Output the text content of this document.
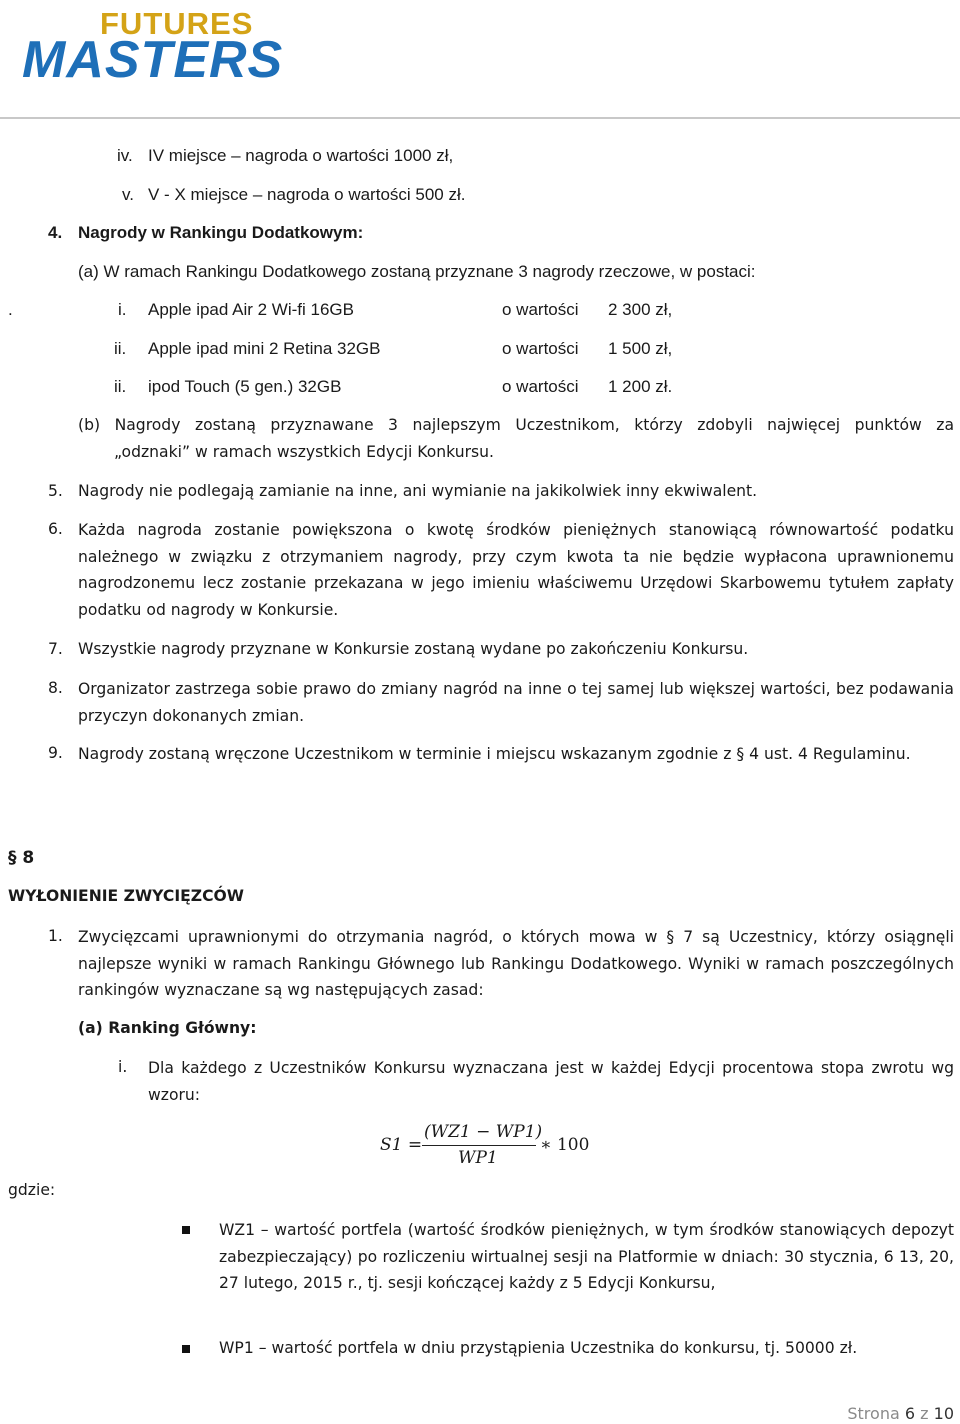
FUTURES
MASTERS
iv. IV miejsce – nagroda o wartości 1000 zł,
v. V - X miejsce – nagroda o wartości 500 zł.
4. Nagrody w Rankingu Dodatkowym:
(a) W ramach Rankingu Dodatkowego zostaną przyznane 3 nagrody rzeczowe, w postaci:
.	i. Apple ipad Air 2 Wi-fi 16GB	o wartości 2 300 zł,
ii. Apple ipad mini 2 Retina 32GB	o wartości 1 500 zł,
ii. ipod Touch (5 gen.) 32GB	o wartości 1 200 zł.
(b) Nagrody zostaną przyznawane 3 najlepszym Uczestnikom, którzy zdobyli najwięcej punktów za
„odznaki” w ramach wszystkich Edycji Konkursu.
5. Nagrody nie podlegają zamianie na inne, ani wymianie na jakikolwiek inny ekwiwalent.
6. Każda nagroda zostanie powiększona o kwotę środków pieniężnych stanowiącą równowartość podatku należnego w związku z otrzymaniem nagrody, przy czym kwota ta nie będzie wypłacona uprawnionemu nagrodzonemu lecz zostanie przekazana w jego imieniu właściwemu Urzędowi Skarbowemu tytułem zapłaty podatku od nagrody w Konkursie.
7. Wszystkie nagrody przyznane w Konkursie zostaną wydane po zakończeniu Konkursu.
8. Organizator zastrzega sobie prawo do zmiany nagród na inne o tej samej lub większej wartości, bez podawania przyczyn dokonanych zmian.
9. Nagrody zostaną wręczone Uczestnikom w terminie i miejscu wskazanym zgodnie z § 4 ust. 4 Regulaminu.
§ 8
WYŁONIENIE ZWYCIĘZCÓW
1. Zwycięzcami uprawnionymi do otrzymania nagród, o których mowa w § 7 są Uczestnicy, którzy osiągnęli najlepsze wyniki w ramach Rankingu Głównego lub Rankingu Dodatkowego. Wyniki w ramach poszczególnych rankingów wyznaczane są wg następujących zasad:
(a) Ranking Główny:
i. Dla każdego z Uczestników Konkursu wyznaczana jest w każdej Edycji procentowa stopa zwrotu wg wzoru:
S1 =
(WZ1 − WP1)
WP1
∗ 100
gdzie:
WZ1 – wartość portfela (wartość środków pieniężnych, w tym środków stanowiących depozyt zabezpieczający) po rozliczeniu wirtualnej sesji na Platformie w dniach: 30 stycznia, 6 13, 20, 27 lutego, 2015 r., tj. sesji kończącej każdy z 5 Edycji Konkursu,
WP1 – wartość portfela w dniu przystąpienia Uczestnika do konkursu, tj. 50000 zł.
Strona 6 z 10
